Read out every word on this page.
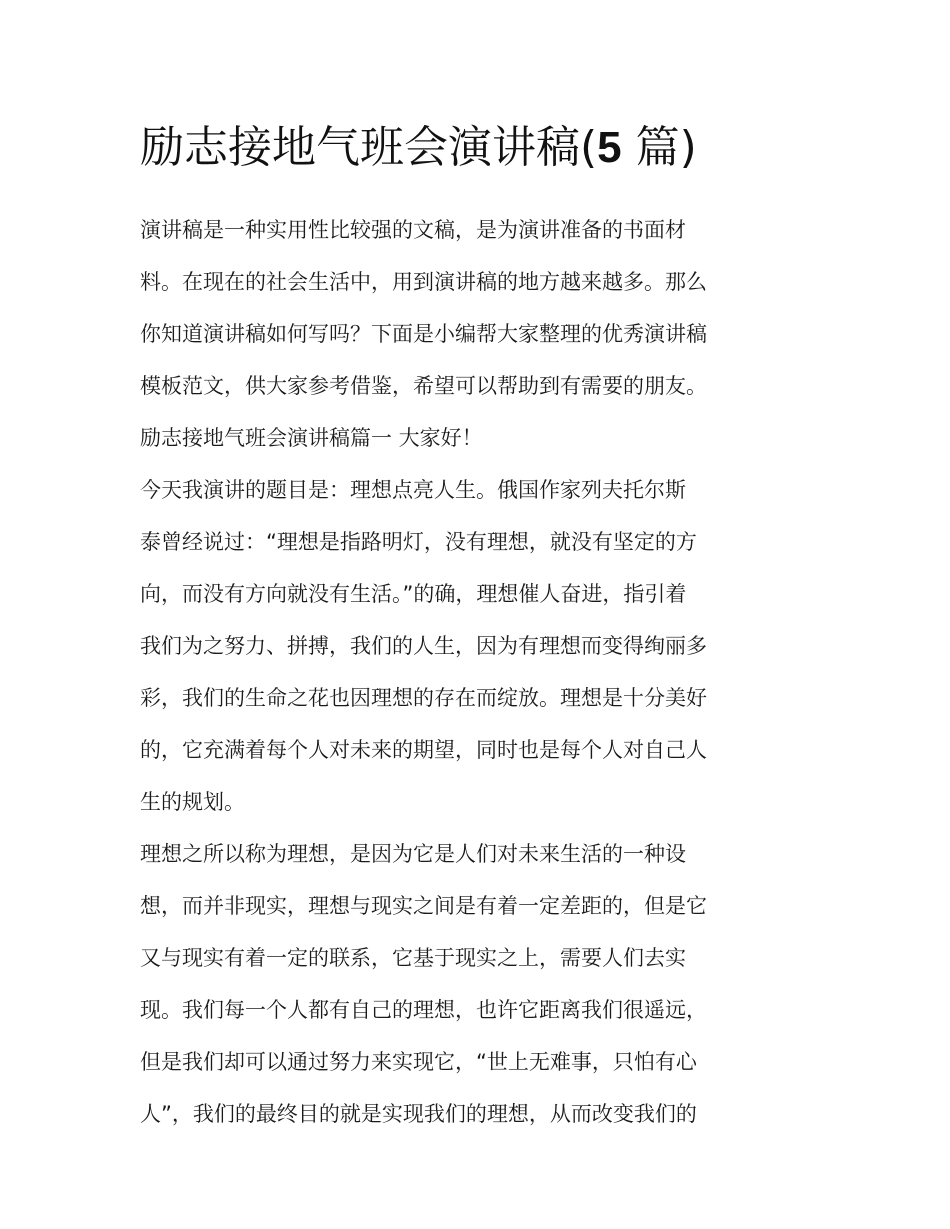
励志接地气班会演讲稿(5 篇)
演讲稿是一种实用性比较强的文稿，是为演讲准备的书面材
料。在现在的社会生活中，用到演讲稿的地方越来越多。那么
你知道演讲稿如何写吗？下面是小编帮大家整理的优秀演讲稿
模板范文，供大家参考借鉴，希望可以帮助到有需要的朋友。
励志接地气班会演讲稿篇一 大家好！
今天我演讲的题目是：理想点亮人生。俄国作家列夫托尔斯
泰曾经说过：“理想是指路明灯，没有理想，就没有坚定的方
向，而没有方向就没有生活。”的确，理想催人奋进，指引着
我们为之努力、拼搏，我们的人生，因为有理想而变得绚丽多
彩，我们的生命之花也因理想的存在而绽放。理想是十分美好
的，它充满着每个人对未来的期望，同时也是每个人对自己人
生的规划。
理想之所以称为理想，是因为它是人们对未来生活的一种设
想，而并非现实，理想与现实之间是有着一定差距的，但是它
又与现实有着一定的联系，它基于现实之上，需要人们去实
现。我们每一个人都有自己的理想，也许它距离我们很遥远，
但是我们却可以通过努力来实现它，“世上无难事，只怕有心
人”，我们的最终目的就是实现我们的理想，从而改变我们的
